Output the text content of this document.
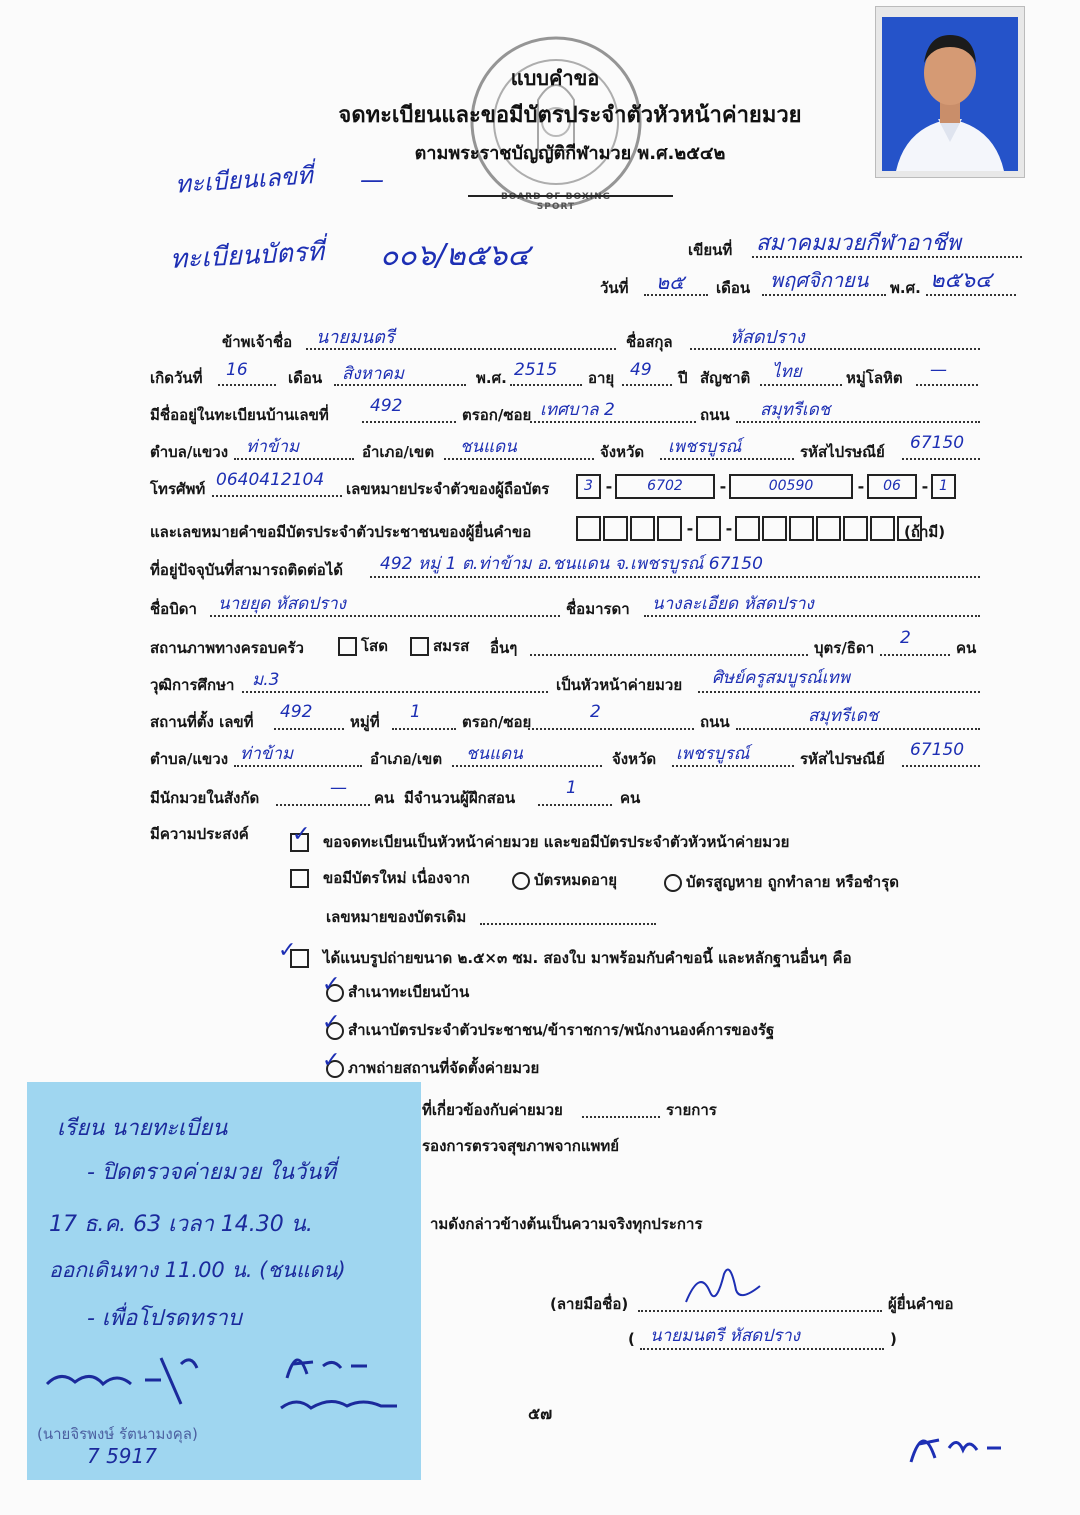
BOARD OF BOXING SPORT
แบบคำขอ
จดทะเบียนและขอมีบัตรประจำตัวหัวหน้าค่ายมวย
ตามพระราชบัญญัติกีฬามวย พ.ศ.๒๕๔๒
ทะเบียนเลขที่ —
ทะเบียนบัตรที่ ๐๐๖/๒๕๖๔	เขียนที่ สมาคมมวยกีฬาอาชีพ
วันที่ ๒๕ เดือน พฤศจิกายน พ.ศ. ๒๕๖๔
ข้าพเจ้าชื่อ นายมนตรี	ชื่อสกุล	หัสดปราง
เกิดวันที่ 16	เดือน สิงหาคม	พ.ศ. 2515 อายุ 49 ปี สัญชาติ ไทย	หมู่โลหิต —
มีชื่ออยู่ในทะเบียนบ้านเลขที่ 492	ตรอก/ซอย เทศบาล 2	ถนน สมุทรีเดช
ตำบล/แขวง ท่าข้าม	อำเภอ/เขต ชนแดน	จังหวัด เพชรบูรณ์	รหัสไปรษณีย์ 67150
โทรศัพท์ 0640412104 เลขหมายประจำตัวของผู้ถือบัตร	3 -	6702	-	00590	-	06	- 1
และเลขหมายคำขอมีบัตรประจำตัวประชาชนของผู้ยื่นคำขอ	- -	(ถ้ามี)
ที่อยู่ปัจจุบันที่สามารถติดต่อได้ 492 หมู่ 1 ต.ท่าข้าม อ.ชนแดน จ.เพชรบูรณ์ 67150
ชื่อบิดา นายยุด หัสดปราง	ชื่อมารดา นางละเอียด หัสดปราง
สถานภาพทางครอบครัว	โสด	สมรส อื่นๆ	บุตร/ธิดา 2	คน
วุฒิการศึกษา ม.3	เป็นหัวหน้าค่ายมวย ศิษย์ครูสมบูรณ์เทพ
สถานที่ตั้ง เลขที่ 492	หมู่ที่ 1	ตรอก/ซอย	2	ถนน	สมุทรีเดช
ตำบล/แขวง ท่าข้าม	อำเภอ/เขต ชนแดน	จังหวัด เพชรบูรณ์	รหัสไปรษณีย์ 67150
มีนักมวยในสังกัด	— คน มีจำนวนผู้ฝึกสอน	1	คน
มีความประสงค์ ✓ ขอจดทะเบียนเป็นหัวหน้าค่ายมวย และขอมีบัตรประจำตัวหัวหน้าค่ายมวย
ขอมีบัตรใหม่ เนื่องจาก	บัตรหมดอายุ	บัตรสูญหาย ถูกทำลาย หรือชำรุด
เลขหมายของบัตรเดิม
✓ ได้แนบรูปถ่ายขนาด ๒.๕×๓ ซม. สองใบ มาพร้อมกับคำขอนี้ และหลักฐานอื่นๆ คือ
✓ สำเนาทะเบียนบ้าน
✓ สำเนาบัตรประจำตัวประชาชน/ข้าราชการ/พนักงานองค์การของรัฐ
✓ ภาพถ่ายสถานที่จัดตั้งค่ายมวย
ที่เกี่ยวข้องกับค่ายมวย	รายการ
รองการตรวจสุขภาพจากแพทย์
ามดังกล่าวข้างต้นเป็นความจริงทุกประการ
(ลายมือชื่อ)	ผู้ยื่นคำขอ
( นายมนตรี หัสดปราง	)
๕๗
เรียน นายทะเบียน
- ปิดตรวจค่ายมวย ในวันที่
17 ธ.ค. 63 เวลา 14.30 น.
ออกเดินทาง 11.00 น. (ชนแดน)
- เพื่อโปรดทราบ
(นายจิรพงษ์ รัตนามงคุล)
7 5917
